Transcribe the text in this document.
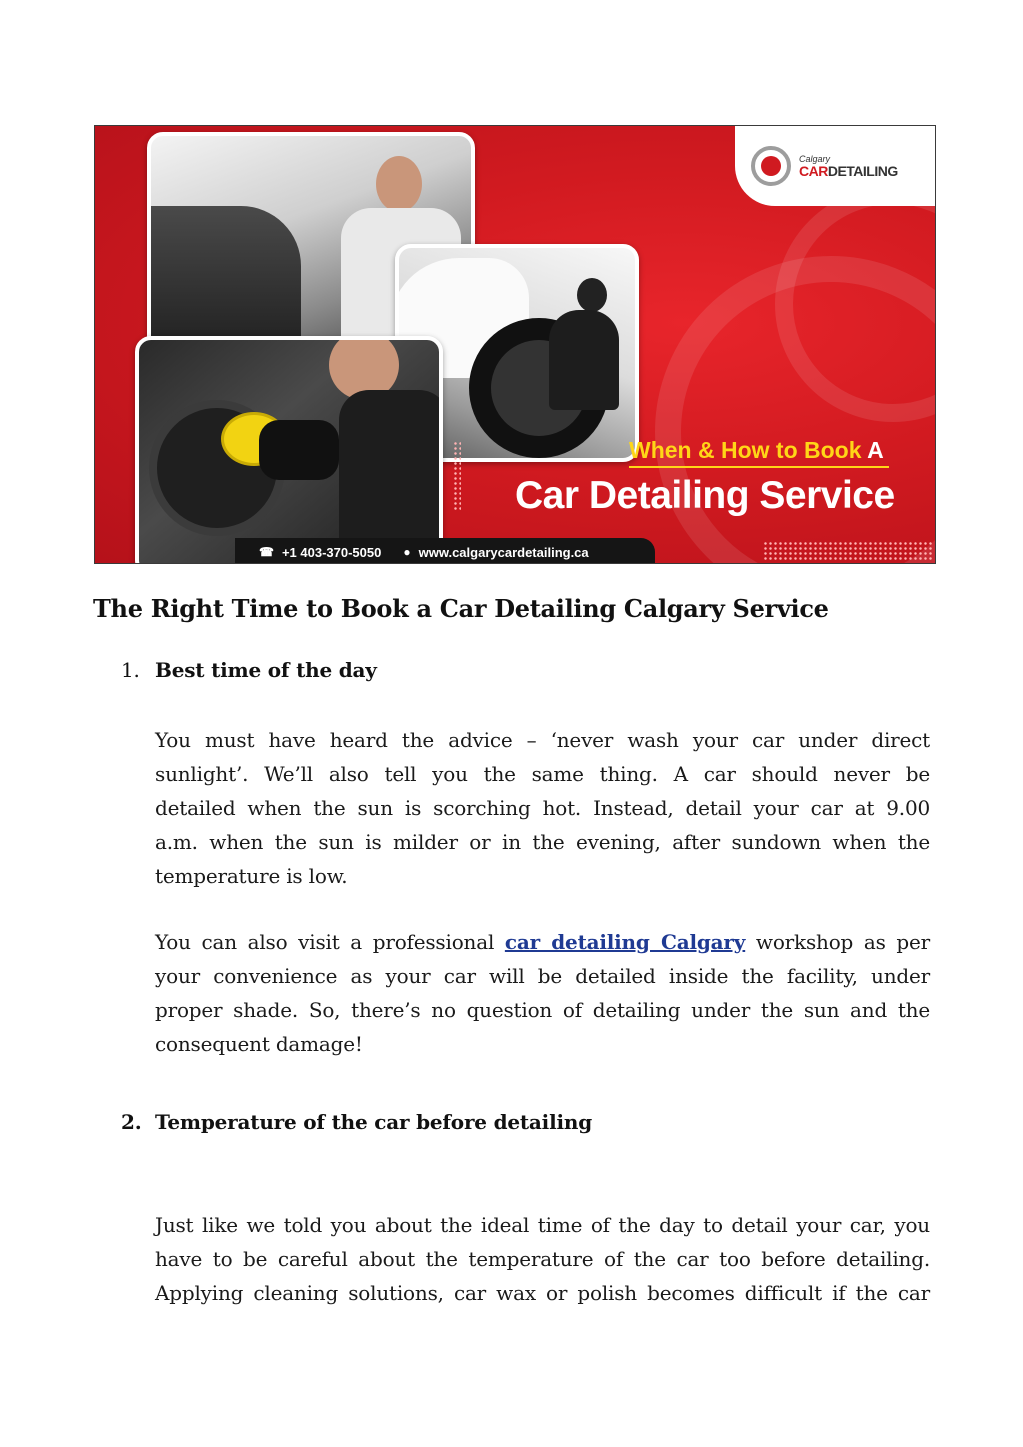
Calgary
CARDETAILING
When & How to Book A
Car Detailing Service
☎ +1 403-370-5050 ● www.calgarycardetailing.ca
The Right Time to Book a Car Detailing Calgary Service
1. Best time of the day
You must have heard the advice – ‘never wash your car under direct
sunlight’. We’ll also tell you the same thing. A car should never be
detailed when the sun is scorching hot. Instead, detail your car at 9.00
a.m. when the sun is milder or in the evening, after sundown when the
temperature is low.
You can also visit a professional car detailing Calgary workshop as per
your convenience as your car will be detailed inside the facility, under
proper shade. So, there’s no question of detailing under the sun and the
consequent damage!
2. Temperature of the car before detailing
Just like we told you about the ideal time of the day to detail your car, you
have to be careful about the temperature of the car too before detailing.
Applying cleaning solutions, car wax or polish becomes difficult if the car
